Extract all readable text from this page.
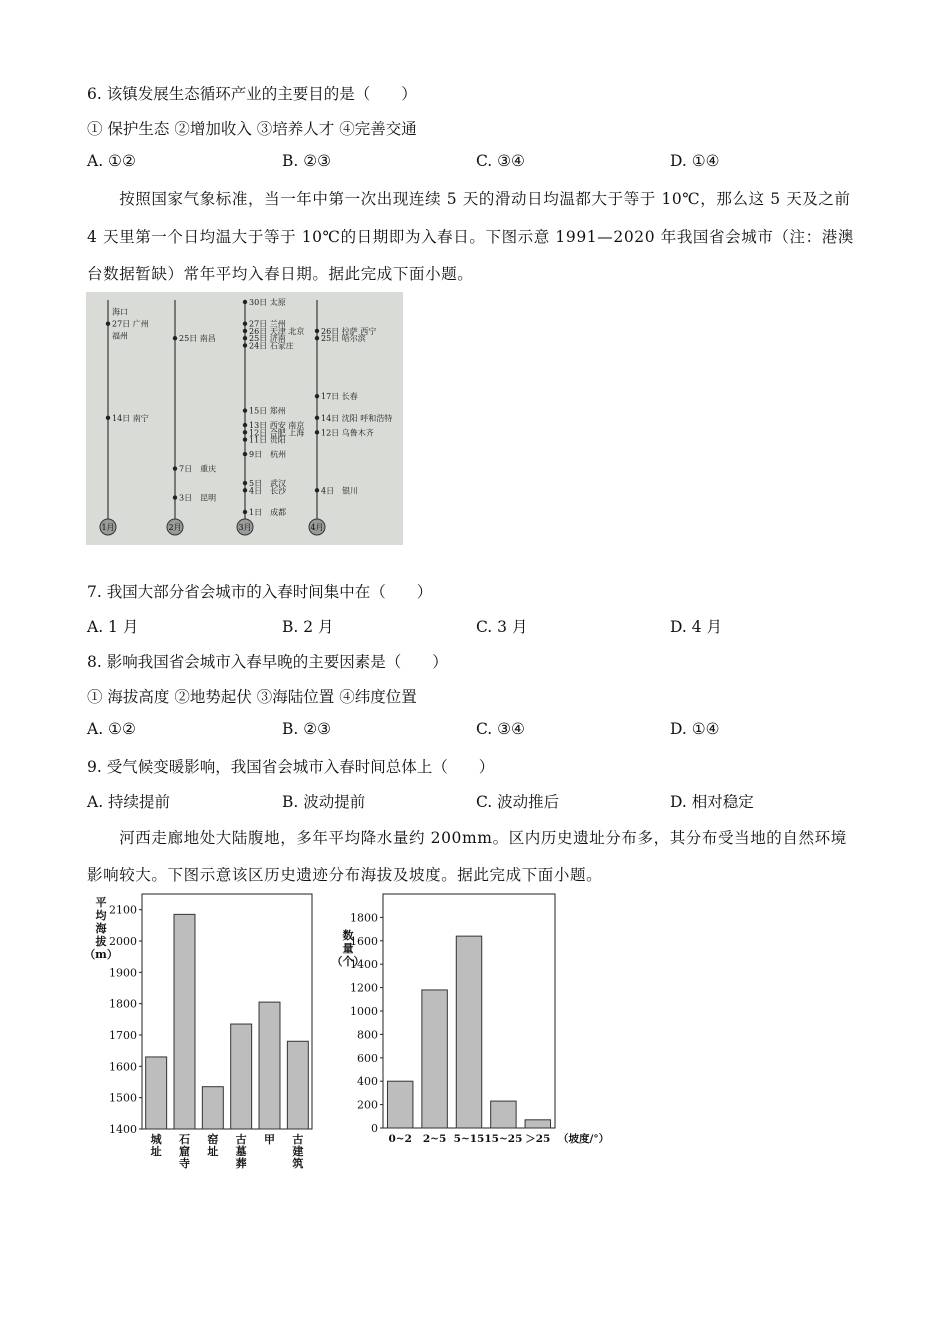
6. 该镇发展生态循环产业的主要目的是（　　）
① 保护生态 ②增加收入 ③培养人才 ④完善交通
A. ①②	B. ②③	C. ③④	D. ①④
　　按照国家气象标准，当一年中第一次出现连续 5 天的滑动日均温都大于等于 10℃，那么这 5 天及之前
4 天里第一个日均温大于等于 10℃的日期即为入春日。下图示意 1991—2020 年我国省会城市（注：港澳
台数据暂缺）常年平均入春日期。据此完成下面小题。
1月	2月	3月	4月
海口
27日 广州
福州
14日 南宁
25日 南昌
7日　重庆
3日　昆明
30日 太原
27日 兰州
26日 天津 北京
25日 济南
24日 石家庄
15日 郑州
13日 西安 南京
12日 合肥 上海
11日 贵阳
9日　杭州
5日　武汉
4日　长沙
1日　成都
26日 拉萨 西宁
25日 哈尔滨
17日 长春
14日 沈阳 呼和浩特
12日 乌鲁木齐
4日　银川
7. 我国大部分省会城市的入春时间集中在（　　）
A. 1 月	B. 2 月	C. 3 月	D. 4 月
8. 影响我国省会城市入春早晚的主要因素是（　　）
① 海拔高度 ②地势起伏 ③海陆位置 ④纬度位置
A. ①②	B. ②③	C. ③④	D. ①④
9. 受气候变暖影响，我国省会城市入春时间总体上（　　）
A. 持续提前	B. 波动提前	C. 波动推后	D. 相对稳定
　　河西走廊地处大陆腹地，多年平均降水量约 200mm。区内历史遗址分布多，其分布受当地的自然环境
影响较大。下图示意该区历史遗迹分布海拔及坡度。据此完成下面小题。
1400
1500
1600
1700
1800
1900
2000
2100
城
址
石
窟
寺
窑
址
古
墓
葬
甲 古
建
筑
平
均
海
拔
（m）
0
200
400
600
800
1000
1200
1400
1600
1800
0~2 2~5 5~15 15~25 ＞25
数
量
个）
（坡度/°）
